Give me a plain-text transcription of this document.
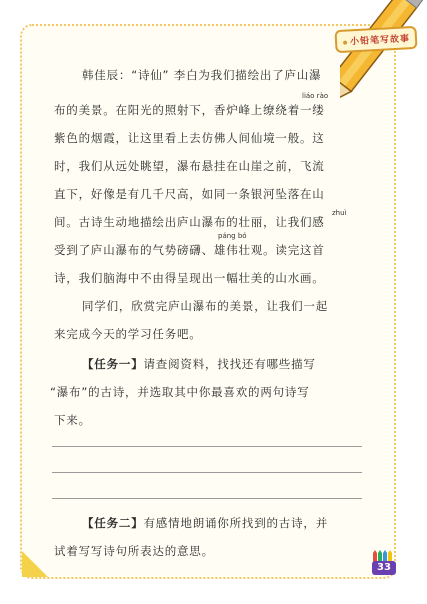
小铅笔写故事
韩佳辰：“诗仙” 李白为我们描绘出了庐山瀑
liáo rào
布的美景。在阳光的照射下，香炉峰上缭绕着一缕
紫色的烟霞，让这里看上去仿佛人间仙境一般。这
时，我们从远处眺望，瀑布悬挂在山崖之前，飞流
zhuì
直下，好像是有几千尺高，如同一条银河坠落在山
间。古诗生动地描绘出庐山瀑布的壮丽，让我们感
páng bó
受到了庐山瀑布的气势磅礴、雄伟壮观。读完这首
诗，我们脑海中不由得呈现出一幅壮美的山水画。
同学们，欣赏完庐山瀑布的美景，让我们一起
来完成今天的学习任务吧。
【任务一】请查阅资料，找找还有哪些描写
“瀑布”的古诗，并选取其中你最喜欢的两句诗写
下来。
【任务二】有感情地朗诵你所找到的古诗，并
试着写写诗句所表达的意思。
33
